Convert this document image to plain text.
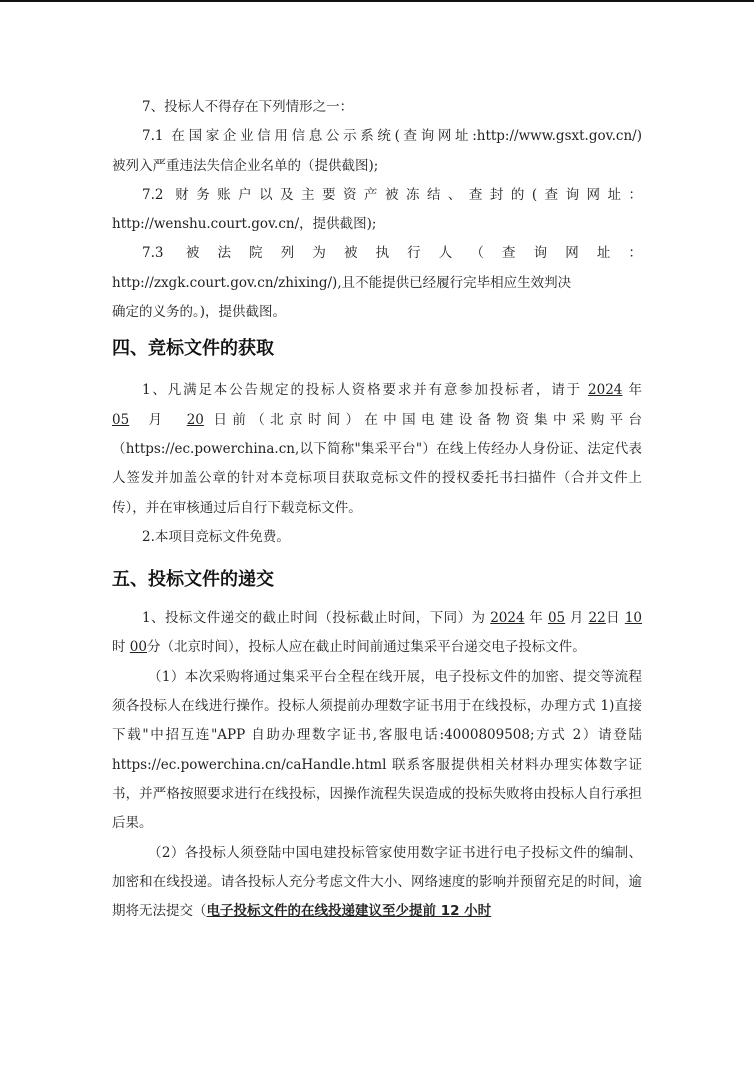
7、投标人不得存在下列情形之一：

7.1 在国家企业信用信息公示系统(查询网址:http://www.gsxt.gov.cn/)

被列入严重违法失信企业名单的（提供截图);

7.2 财务账户以及主要资产被冻结、查封的(查询网址：

http://wenshu.court.gov.cn/，提供截图);

7.3 被法院列为被执行人（查询网址：

http://zxgk.court.gov.cn/zhixing/),且不能提供已经履行完毕相应生效判决

确定的义务的。)，提供截图。

四、竞标文件的获取

1、凡满足本公告规定的投标人资格要求并有意参加投标者，请于 2024 年05 月 20 日前（北京时间）在中国电建设备物资集中采购平台（https://ec.powerchina.cn,以下简称"集采平台"）在线上传经办人身份证、法定代表人签发并加盖公章的针对本竞标项目获取竞标文件的授权委托书扫描件（合并文件上传），并在审核通过后自行下载竞标文件。

2.本项目竞标文件免费。

五、投标文件的递交

1、投标文件递交的截止时间（投标截止时间，下同）为 2024 年 05 月 22日 10时 00分（北京时间），投标人应在截止时间前通过集采平台递交电子投标文件。

（1）本次采购将通过集采平台全程在线开展，电子投标文件的加密、提交等流程须各投标人在线进行操作。投标人须提前办理数字证书用于在线投标，办理方式 1)直接下载"中招互连"APP 自助办理数字证书,客服电话:4000809508;方式 2）请登陆 https://ec.powerchina.cn/caHandle.html 联系客服提供相关材料办理实体数字证书，并严格按照要求进行在线投标，因操作流程失误造成的投标失败将由投标人自行承担后果。

（2）各投标人须登陆中国电建投标管家使用数字证书进行电子投标文件的编制、加密和在线投递。请各投标人充分考虑文件大小、网络速度的影响并预留充足的时间，逾期将无法提交（电子投标文件的在线投递建议至少提前 12 小时
